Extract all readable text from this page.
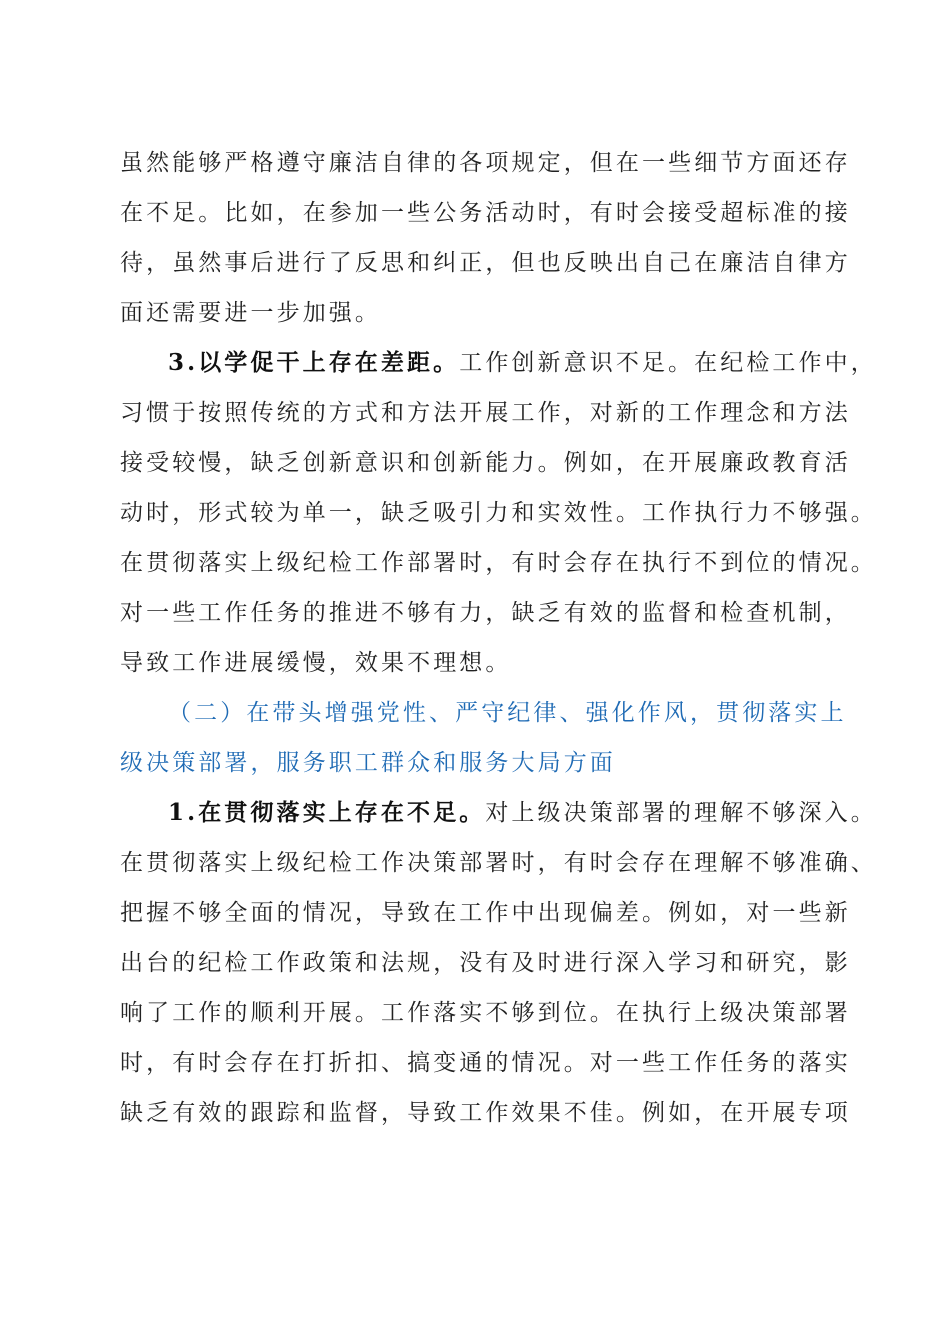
虽然能够严格遵守廉洁自律的各项规定，但在一些细节方面还存
在不足。比如，在参加一些公务活动时，有时会接受超标准的接
待，虽然事后进行了反思和纠正，但也反映出自己在廉洁自律方
面还需要进一步加强。
3.以学促干上存在差距。工作创新意识不足。在纪检工作中，
习惯于按照传统的方式和方法开展工作，对新的工作理念和方法
接受较慢，缺乏创新意识和创新能力。例如，在开展廉政教育活
动时，形式较为单一，缺乏吸引力和实效性。工作执行力不够强。
在贯彻落实上级纪检工作部署时，有时会存在执行不到位的情况。
对一些工作任务的推进不够有力，缺乏有效的监督和检查机制，
导致工作进展缓慢，效果不理想。
（二）在带头增强党性、严守纪律、强化作风，贯彻落实上
级决策部署，服务职工群众和服务大局方面
1.在贯彻落实上存在不足。对上级决策部署的理解不够深入。
在贯彻落实上级纪检工作决策部署时，有时会存在理解不够准确、
把握不够全面的情况，导致在工作中出现偏差。例如，对一些新
出台的纪检工作政策和法规，没有及时进行深入学习和研究，影
响了工作的顺利开展。工作落实不够到位。在执行上级决策部署
时，有时会存在打折扣、搞变通的情况。对一些工作任务的落实
缺乏有效的跟踪和监督，导致工作效果不佳。例如，在开展专项
